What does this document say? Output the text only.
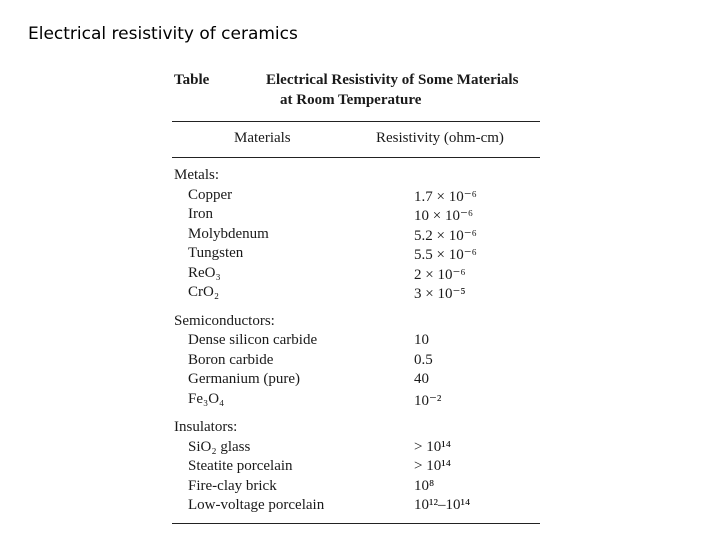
Electrical resistivity of ceramics
Table	Electrical Resistivity of Some Materials
at Room Temperature
Materials	Resistivity (ohm-cm)
Metals:
Copper	1.7 × 10⁻⁶
Iron	10 × 10⁻⁶
Molybdenum	5.2 × 10⁻⁶
Tungsten	5.5 × 10⁻⁶
ReO₃	2 × 10⁻⁶
CrO₂	3 × 10⁻⁵
Semiconductors:
Dense silicon carbide	10
Boron carbide	0.5
Germanium (pure)	40
Fe₃O₄	10⁻²
Insulators:
SiO₂ glass	> 10¹⁴
Steatite porcelain	> 10¹⁴
Fire-clay brick	10⁸
Low-voltage porcelain	10¹²–10¹⁴
